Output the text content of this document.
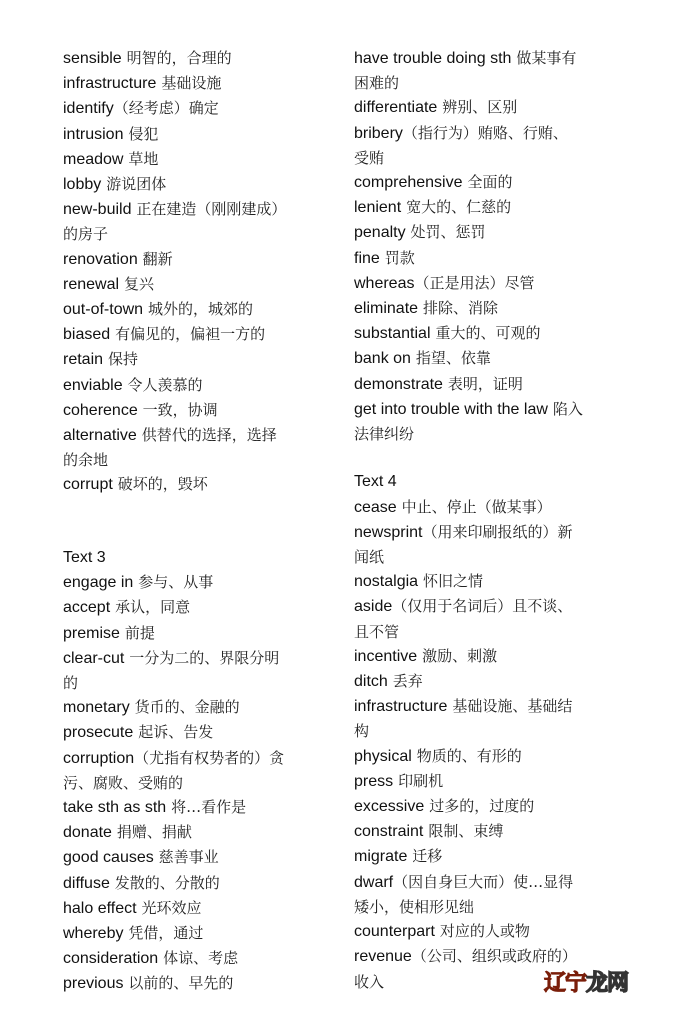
sensible 明智的，合理的
infrastructure 基础设施
identify（经考虑）确定
intrusion 侵犯
meadow 草地
lobby 游说团体
new-build 正在建造（刚刚建成）
的房子
renovation 翻新
renewal 复兴
out-of-town 城外的，城郊的
biased 有偏见的，偏袒一方的
retain 保持
enviable 令人羡慕的
coherence 一致，协调
alternative 供替代的选择，选择
的余地
corrupt 破坏的，毁坏
Text 3
engage in 参与、从事
accept 承认，同意
premise 前提
clear-cut 一分为二的、界限分明
的
monetary 货币的、金融的
prosecute 起诉、告发
corruption（尤指有权势者的）贪
污、腐败、受贿的
take sth as sth 将…看作是
donate 捐赠、捐献
good causes 慈善事业
diffuse 发散的、分散的
halo effect 光环效应
whereby 凭借，通过
consideration 体谅、考虑
previous 以前的、早先的
have trouble doing sth 做某事有
困难的
differentiate 辨别、区别
bribery（指行为）贿赂、行贿、
受贿
comprehensive 全面的
lenient 宽大的、仁慈的
penalty 处罚、惩罚
fine 罚款
whereas（正是用法）尽管
eliminate 排除、消除
substantial 重大的、可观的
bank on 指望、依靠
demonstrate 表明，证明
get into trouble with the law 陷入
法律纠纷
Text 4
cease 中止、停止（做某事）
newsprint（用来印刷报纸的）新
闻纸
nostalgia 怀旧之情
aside（仅用于名词后）且不谈、
且不管
incentive 激励、刺激
ditch 丢弃
infrastructure 基础设施、基础结
构
physical 物质的、有形的
press 印刷机
excessive 过多的，过度的
constraint 限制、束缚
migrate 迁移
dwarf（因自身巨大而）使…显得
矮小，使相形见绌
counterpart 对应的人或物
revenue（公司、组织或政府的）
收入	辽宁龙网
